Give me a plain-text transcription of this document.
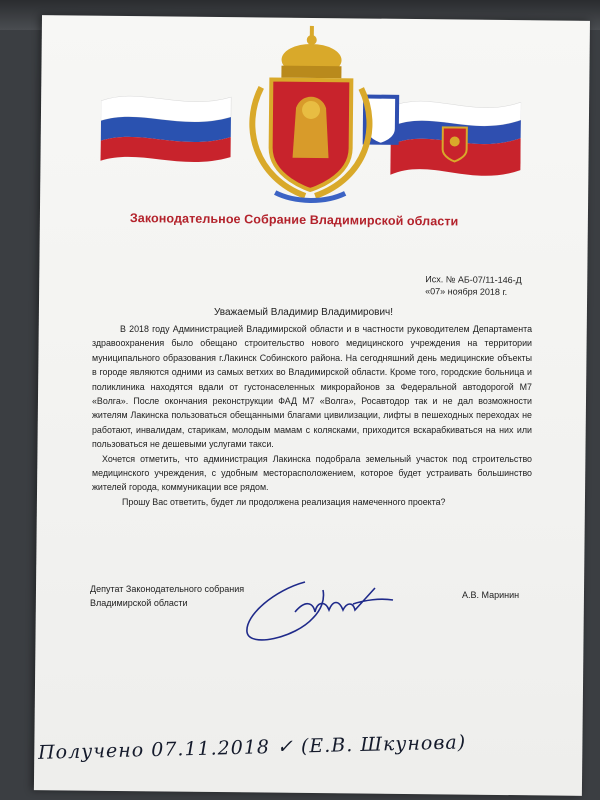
Законодательное Собрание Владимирской области
Исх. № АБ-07/11-146-Д
«07» ноября 2018 г.
Уважаемый Владимир Владимирович!

В 2018 году Администрацией Владимирской области и в частности руководителем Департамента здравоохранения было обещано строительство нового медицинского учреждения на территории муниципального образования г.Лакинск Собинского района. На сегодняшний день медицинские объекты в городе являются одними из самых ветхих во Владимирской области. Кроме того, городские больница и поликлиника находятся вдали от густонаселенных микрорайонов за Федеральной автодорогой М7 «Волга». После окончания реконструкции ФАД М7 «Волга», Росавтодор так и не дал возможности жителям Лакинска пользоваться обещанными благами цивилизации, лифты в пешеходных переходах не работают, инвалидам, старикам, молодым мамам с колясками, приходится вскарабкиваться на них или пользоваться не дешевыми услугами такси.

Хочется отметить, что администрация Лакинска подобрала земельный участок под строительство медицинского учреждения, с удобным месторасположением, которое будет устраивать большинство жителей города, коммуникации все рядом.

Прошу Вас ответить, будет ли продолжена реализация намеченного проекта?

Депутат Законодательного собрания
Владимирской области
А.В. Маринин
Получено 07.11.2018 ✓ (Е.В. Шкунова)
